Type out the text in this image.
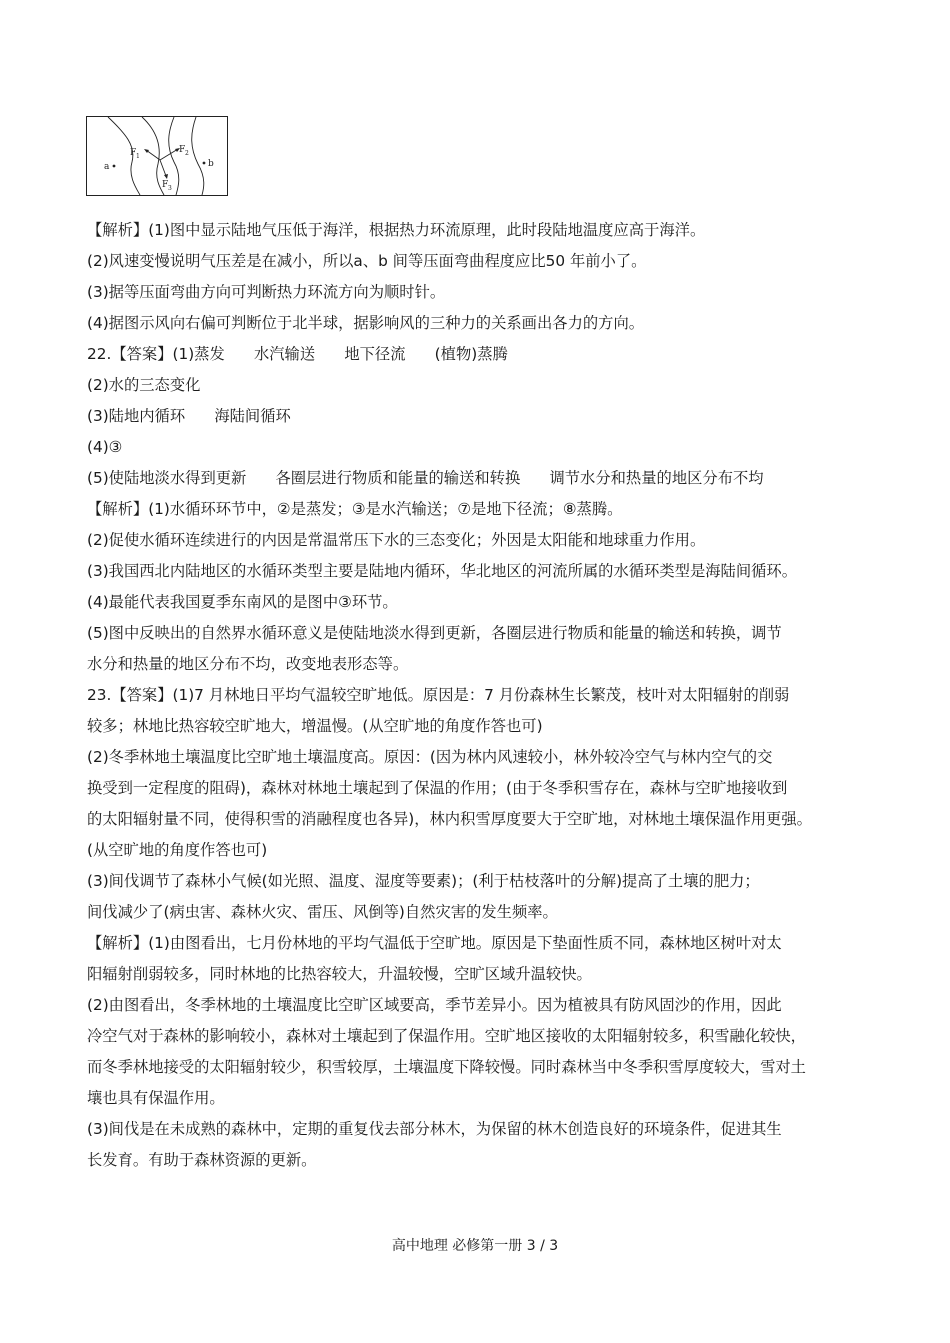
a	b
F 1
F 2
F 3

【解析】(1)图中显示陆地气压低于海洋，根据热力环流原理，此时段陆地温度应高于海洋。

(2)风速变慢说明气压差是在减小，所以a、b 间等压面弯曲程度应比50 年前小了。

(3)据等压面弯曲方向可判断热力环流方向为顺时针。

(4)据图示风向右偏可判断位于北半球，据影响风的三种力的关系画出各力的方向。

22.【答案】(1)蒸发      水汽输送      地下径流      (植物)蒸腾

(2)水的三态变化

(3)陆地内循环      海陆间循环

(4)③

(5)使陆地淡水得到更新      各圈层进行物质和能量的输送和转换      调节水分和热量的地区分布不均

【解析】(1)水循环环节中，②是蒸发；③是水汽输送；⑦是地下径流；⑧蒸腾。

(2)促使水循环连续进行的内因是常温常压下水的三态变化；外因是太阳能和地球重力作用。

(3)我国西北内陆地区的水循环类型主要是陆地内循环，华北地区的河流所属的水循环类型是海陆间循环。

(4)最能代表我国夏季东南风的是图中③环节。

(5)图中反映出的自然界水循环意义是使陆地淡水得到更新，各圈层进行物质和能量的输送和转换，调节

水分和热量的地区分布不均，改变地表形态等。

23.【答案】(1)7 月林地日平均气温较空旷地低。原因是：7 月份森林生长繁茂，枝叶对太阳辐射的削弱

较多；林地比热容较空旷地大，增温慢。(从空旷地的角度作答也可)

(2)冬季林地土壤温度比空旷地土壤温度高。原因：(因为林内风速较小，林外较冷空气与林内空气的交

换受到一定程度的阻碍)，森林对林地土壤起到了保温的作用；(由于冬季积雪存在，森林与空旷地接收到

的太阳辐射量不同，使得积雪的消融程度也各异)，林内积雪厚度要大于空旷地，对林地土壤保温作用更强。

(从空旷地的角度作答也可)

(3)间伐调节了森林小气候(如光照、温度、湿度等要素)；(利于枯枝落叶的分解)提高了土壤的肥力；

间伐减少了(病虫害、森林火灾、雷压、风倒等)自然灾害的发生频率。

【解析】(1)由图看出，七月份林地的平均气温低于空旷地。原因是下垫面性质不同，森林地区树叶对太

阳辐射削弱较多，同时林地的比热容较大，升温较慢，空旷区域升温较快。

(2)由图看出，冬季林地的土壤温度比空旷区域要高，季节差异小。因为植被具有防风固沙的作用，因此

冷空气对于森林的影响较小，森林对土壤起到了保温作用。空旷地区接收的太阳辐射较多，积雪融化较快，

而冬季林地接受的太阳辐射较少，积雪较厚，土壤温度下降较慢。同时森林当中冬季积雪厚度较大，雪对土

壤也具有保温作用。

(3)间伐是在未成熟的森林中，定期的重复伐去部分林木，为保留的林木创造良好的环境条件，促进其生

长发育。有助于森林资源的更新。

高中地理 必修第一册 3 / 3
